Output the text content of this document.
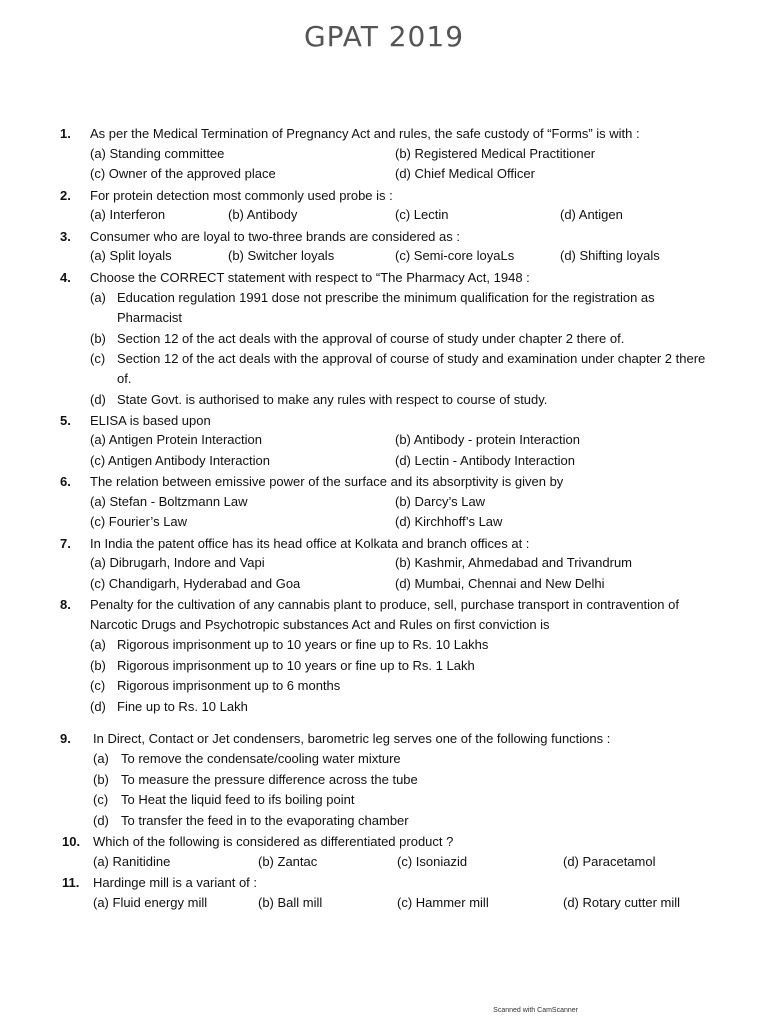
GPAT 2019
1. As per the Medical Termination of Pregnancy Act and rules, the safe custody of “Forms” is with :
(a) Standing committee	(b) Registered Medical Practitioner
(c) Owner of the approved place	(d) Chief Medical Officer
2. For protein detection most commonly used probe is :
(a) Interferon	(b) Antibody	(c) Lectin	(d) Antigen
3. Consumer who are loyal to two-three brands are considered as :
(a) Split loyals	(b) Switcher loyals	(c) Semi-core loyaLs	(d) Shifting loyals
4. Choose the CORRECT statement with respect to “The Pharmacy Act, 1948 :
(a) Education regulation 1991 dose not prescribe the minimum qualification for the registration as Pharmacist
(b) Section 12 of the act deals with the approval of course of study under chapter 2 there of.
(c) Section 12 of the act deals with the approval of course of study and examination under chapter 2 there of.
(d) State Govt. is authorised to make any rules with respect to course of study.
5. ELISA is based upon
(a) Antigen Protein Interaction	(b) Antibody - protein Interaction
(c) Antigen Antibody Interaction	(d) Lectin - Antibody Interaction
6. The relation between emissive power of the surface and its absorptivity is given by
(a) Stefan - Boltzmann Law	(b) Darcy’s Law
(c) Fourier’s Law	(d) Kirchhoff’s Law
7. In India the patent office has its head office at Kolkata and branch offices at :
(a) Dibrugarh, Indore and Vapi	(b) Kashmir, Ahmedabad and Trivandrum
(c) Chandigarh, Hyderabad and Goa	(d) Mumbai, Chennai and New Delhi
8. Penalty for the cultivation of any cannabis plant to produce, sell, purchase transport in contravention of Narcotic Drugs and Psychotropic substances Act and Rules on first conviction is
(a) Rigorous imprisonment up to 10 years or fine up to Rs. 10 Lakhs
(b) Rigorous imprisonment up to 10 years or fine up to Rs. 1 Lakh
(c) Rigorous imprisonment up to 6 months
(d) Fine up to Rs. 10 Lakh
9. In Direct, Contact or Jet condensers, barometric leg serves one of the following functions :
(a) To remove the condensate/cooling water mixture
(b) To measure the pressure difference across the tube
(c) To Heat the liquid feed to ifs boiling point
(d) To transfer the feed in to the evaporating chamber
10. Which of the following is considered as differentiated product ?
(a) Ranitidine	(b) Zantac	(c) Isoniazid	(d) Paracetamol
11. Hardinge mill is a variant of :
(a) Fluid energy mill	(b) Ball mill	(c) Hammer mill	(d) Rotary cutter mill
Scanned with CamScanner
